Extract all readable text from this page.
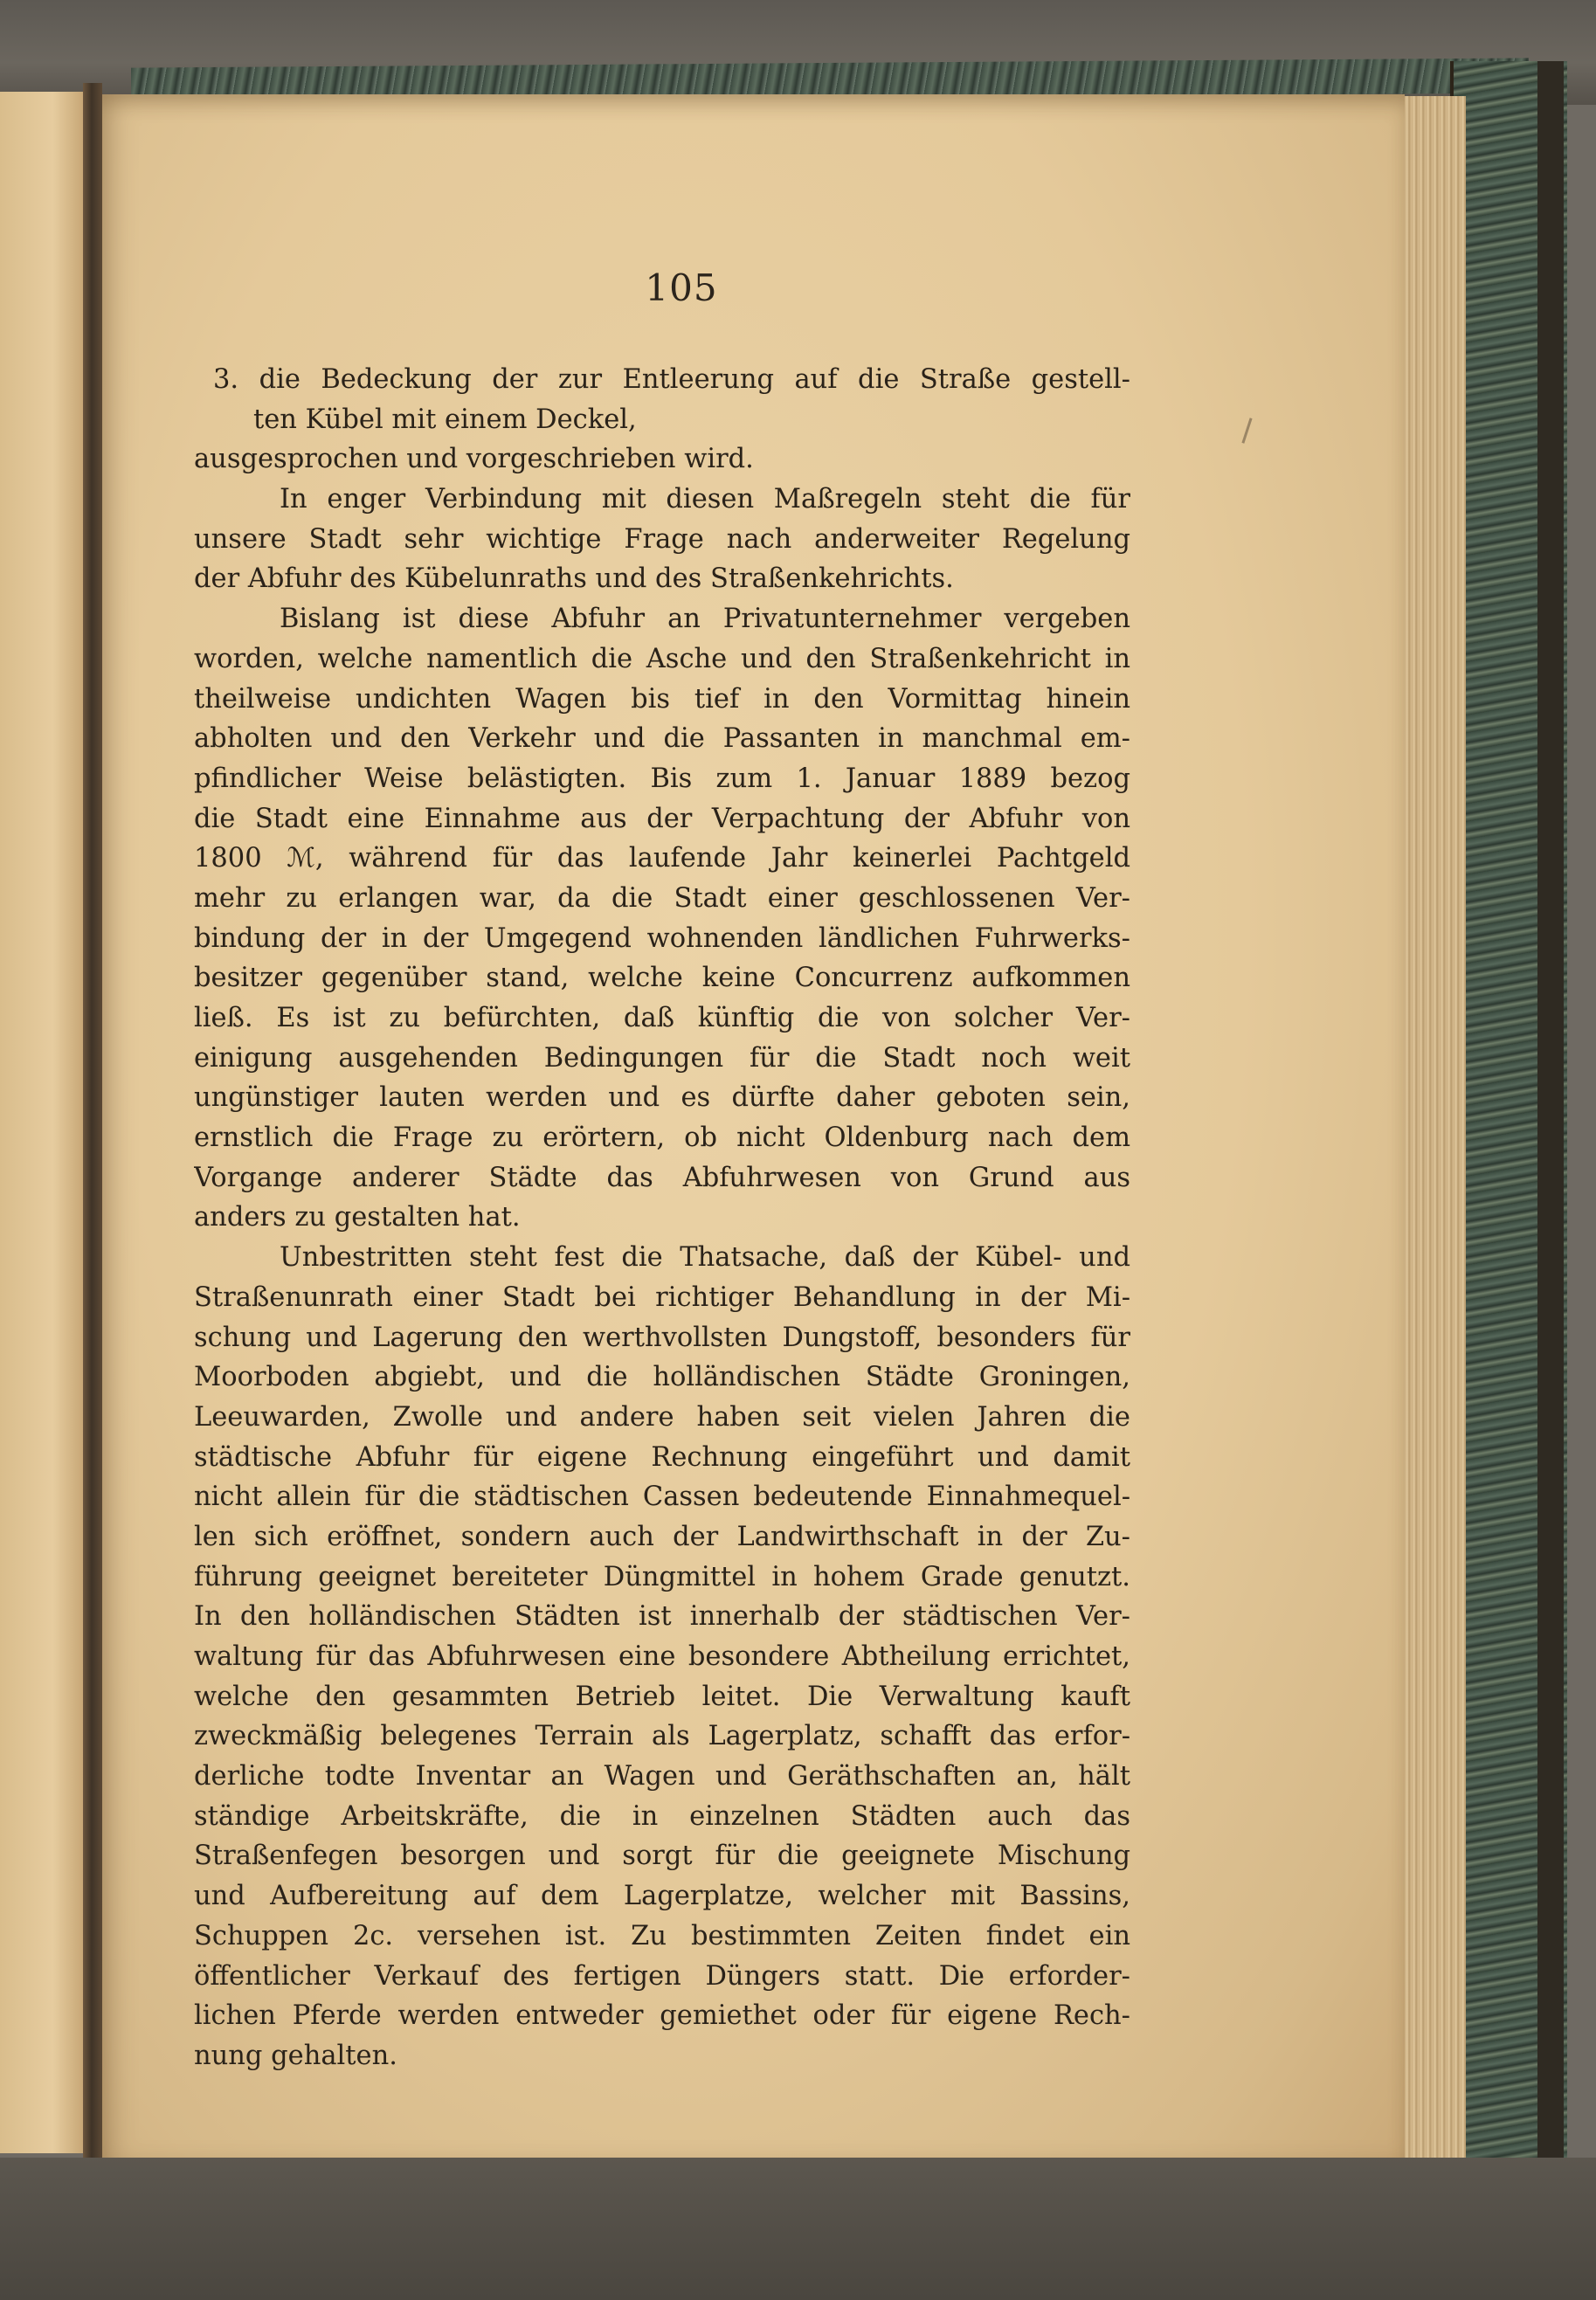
105
3. die Bedeckung der zur Entleerung auf die Straße gestell-
ten Kübel mit einem Deckel,
ausgesprochen und vorgeschrieben wird.
In enger Verbindung mit diesen Maßregeln steht die für
unsere Stadt sehr wichtige Frage nach anderweiter Regelung
der Abfuhr des Kübelunraths und des Straßenkehrichts.
Bislang ist diese Abfuhr an Privatunternehmer vergeben
worden, welche namentlich die Asche und den Straßenkehricht in
theilweise undichten Wagen bis tief in den Vormittag hinein
abholten und den Verkehr und die Passanten in manchmal em-
pfindlicher Weise belästigten. Bis zum 1. Januar 1889 bezog
die Stadt eine Einnahme aus der Verpachtung der Abfuhr von
1800 ℳ, während für das laufende Jahr keinerlei Pachtgeld
mehr zu erlangen war, da die Stadt einer geschlossenen Ver-
bindung der in der Umgegend wohnenden ländlichen Fuhrwerks-
besitzer gegenüber stand, welche keine Concurrenz aufkommen
ließ. Es ist zu befürchten, daß künftig die von solcher Ver-
einigung ausgehenden Bedingungen für die Stadt noch weit
ungünstiger lauten werden und es dürfte daher geboten sein,
ernstlich die Frage zu erörtern, ob nicht Oldenburg nach dem
Vorgange anderer Städte das Abfuhrwesen von Grund aus
anders zu gestalten hat.
Unbestritten steht fest die Thatsache, daß der Kübel- und
Straßenunrath einer Stadt bei richtiger Behandlung in der Mi-
schung und Lagerung den werthvollsten Dungstoff, besonders für
Moorboden abgiebt, und die holländischen Städte Groningen,
Leeuwarden, Zwolle und andere haben seit vielen Jahren die
städtische Abfuhr für eigene Rechnung eingeführt und damit
nicht allein für die städtischen Cassen bedeutende Einnahmequel-
len sich eröffnet, sondern auch der Landwirthschaft in der Zu-
führung geeignet bereiteter Düngmittel in hohem Grade genutzt.
In den holländischen Städten ist innerhalb der städtischen Ver-
waltung für das Abfuhrwesen eine besondere Abtheilung errichtet,
welche den gesammten Betrieb leitet. Die Verwaltung kauft
zweckmäßig belegenes Terrain als Lagerplatz, schafft das erfor-
derliche todte Inventar an Wagen und Geräthschaften an, hält
ständige Arbeitskräfte, die in einzelnen Städten auch das
Straßenfegen besorgen und sorgt für die geeignete Mischung
und Aufbereitung auf dem Lagerplatze, welcher mit Bassins,
Schuppen 2c. versehen ist. Zu bestimmten Zeiten findet ein
öffentlicher Verkauf des fertigen Düngers statt. Die erforder-
lichen Pferde werden entweder gemiethet oder für eigene Rech-
nung gehalten.
